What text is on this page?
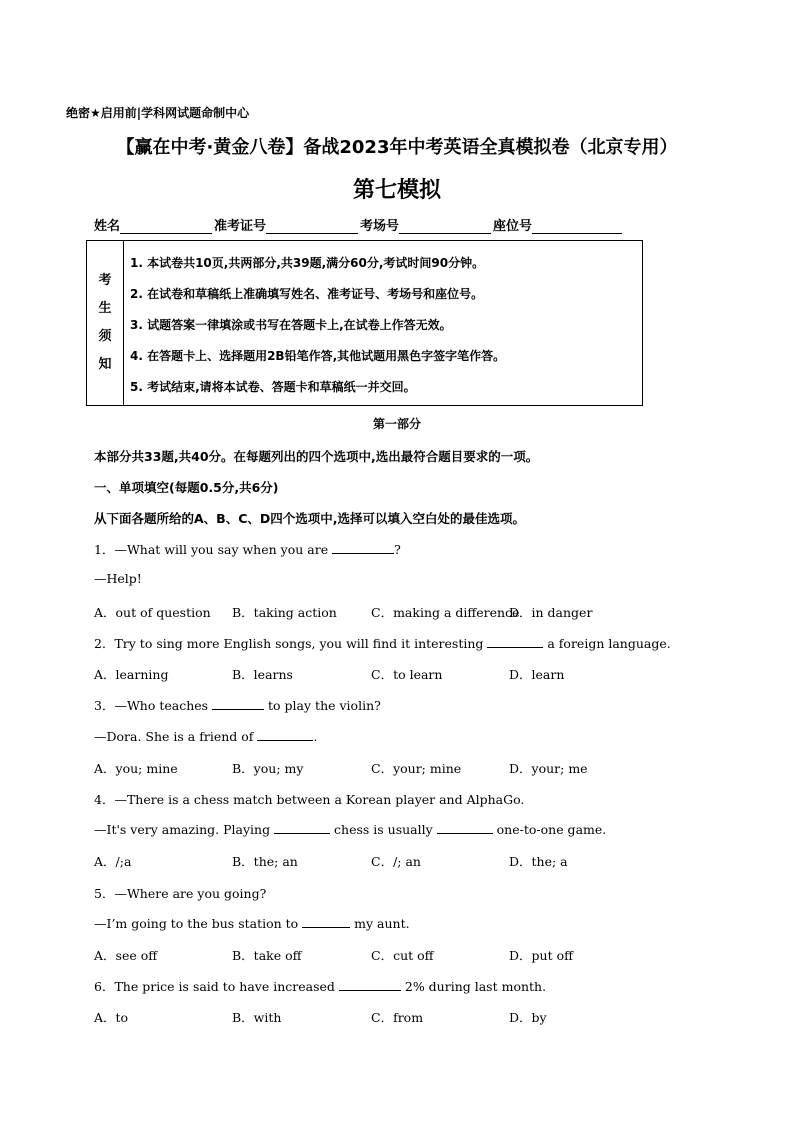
绝密★启用前|学科网试题命制中心
【赢在中考·黄金八卷】备战2023年中考英语全真模拟卷（北京专用）
第七模拟
姓名	准考证号	考场号	座位号
考
生
须
知
1. 本试卷共10页,共两部分,共39题,满分60分,考试时间90分钟。
2. 在试卷和草稿纸上准确填写姓名、准考证号、考场号和座位号。
3. 试题答案一律填涂或书写在答题卡上,在试卷上作答无效。
4. 在答题卡上、选择题用2B铅笔作答,其他试题用黑色字签字笔作答。
5. 考试结束,请将本试卷、答题卡和草稿纸一并交回。
第一部分
本部分共33题,共40分。在每题列出的四个选项中,选出最符合题目要求的一项。
一、单项填空(每题0.5分,共6分)
从下面各题所给的A、B、C、D四个选项中,选择可以填入空白处的最佳选项。
1．—What will you say when you are	?
—Help!
A．out of question B．taking action	C．making a difference
D．in danger
2．Try to sing more English songs, you will find it interesting	a foreign language.
A．learning	B．learns	C．to learn	D．learn
3．—Who teaches	to play the violin?
—Dora. She is a friend of	.
A．you; mine	B．you; my	C．your; mine	D．your; me
4．—There is a chess match between a Korean player and AlphaGo.
—It's very amazing. Playing	chess is usually	one-to-one game.
A．/;a	B．the; an	C．/; an	D．the; a
5．—Where are you going?
—I’m going to the bus station to	my aunt.
A．see off	B．take off	C．cut off	D．put off
6．The price is said to have increased	2% during last month.
A．to	B．with	C．from	D．by
